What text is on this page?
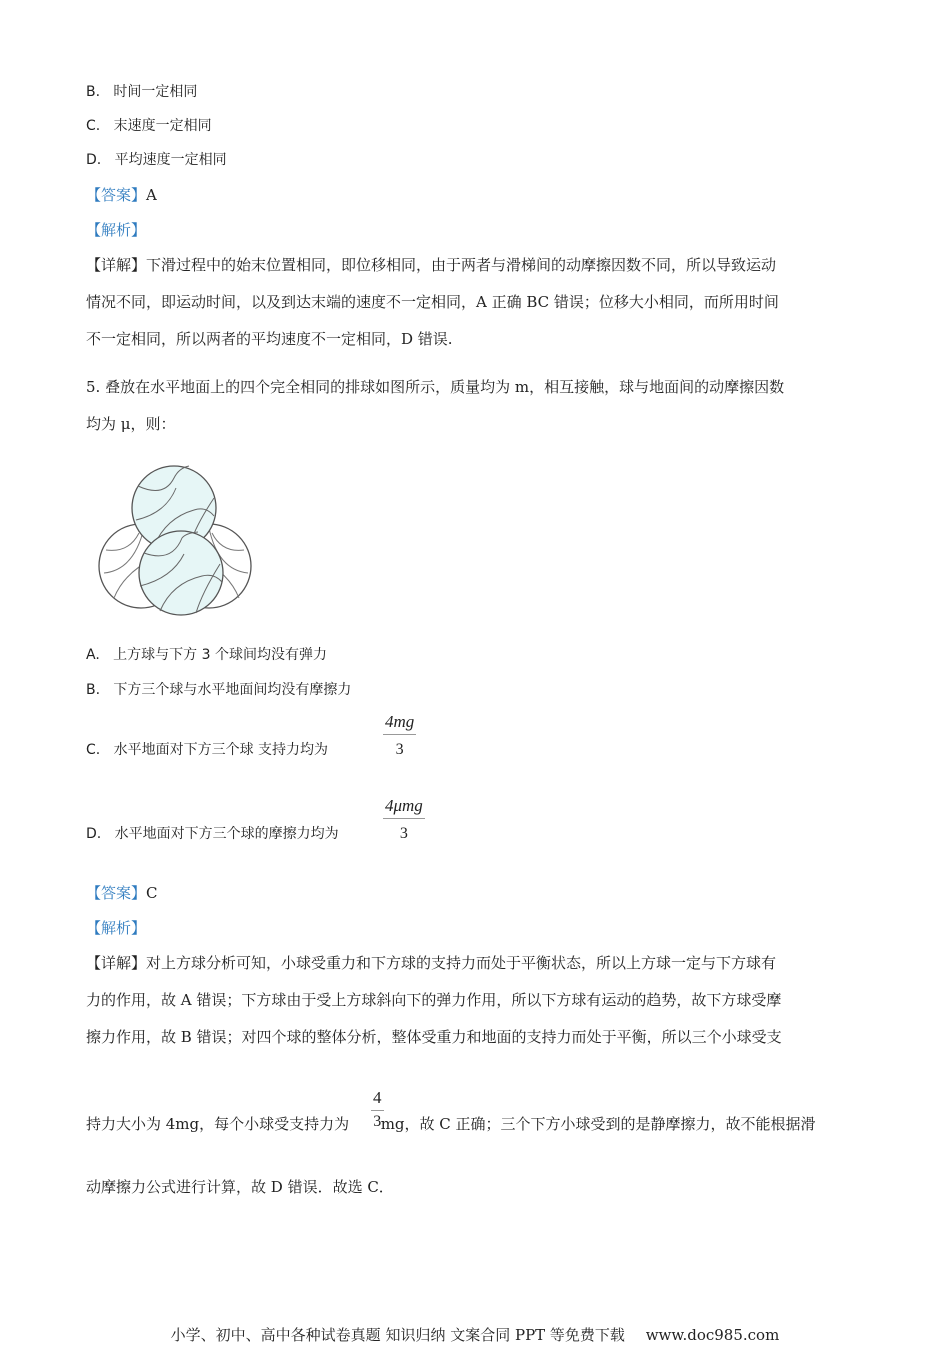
B. 时间一定相同
C. 末速度一定相同
D. 平均速度一定相同
【答案】A
【解析】
【详解】下滑过程中的始末位置相同，即位移相同，由于两者与滑梯间的动摩擦因数不同，所以导致运动
情况不同，即运动时间，以及到达末端的速度不一定相同，A 正确 BC 错误；位移大小相同，而所用时间
不一定相同，所以两者的平均速度不一定相同，D 错误.
5. 叠放在水平地面上的四个完全相同的排球如图所示，质量均为 m，相互接触，球与地面间的动摩擦因数
均为 μ，则：
A. 上方球与下方 3 个球间均没有弹力
B. 下方三个球与水平地面间均没有摩擦力
C. 水平地面对下方三个球 支持力均为
4mg
3
D. 水平地面对下方三个球的摩擦力均为
4μmg
3
【答案】C
【解析】
【详解】对上方球分析可知，小球受重力和下方球的支持力而处于平衡状态，所以上方球一定与下方球有
力的作用，故 A 错误；下方球由于受上方球斜向下的弹力作用，所以下方球有运动的趋势，故下方球受摩
擦力作用，故 B 错误；对四个球的整体分析，整体受重力和地面的支持力而处于平衡，所以三个小球受支
持力大小为 4mg，每个小球受支持力为 mg，故 C 正确；三个下方小球受到的是静摩擦力，故不能根据滑
4
3
动摩擦力公式进行计算，故 D 错误．故选 C．
小学、初中、高中各种试卷真题 知识归纳 文案合同 PPT 等免费下载 www.doc985.com
